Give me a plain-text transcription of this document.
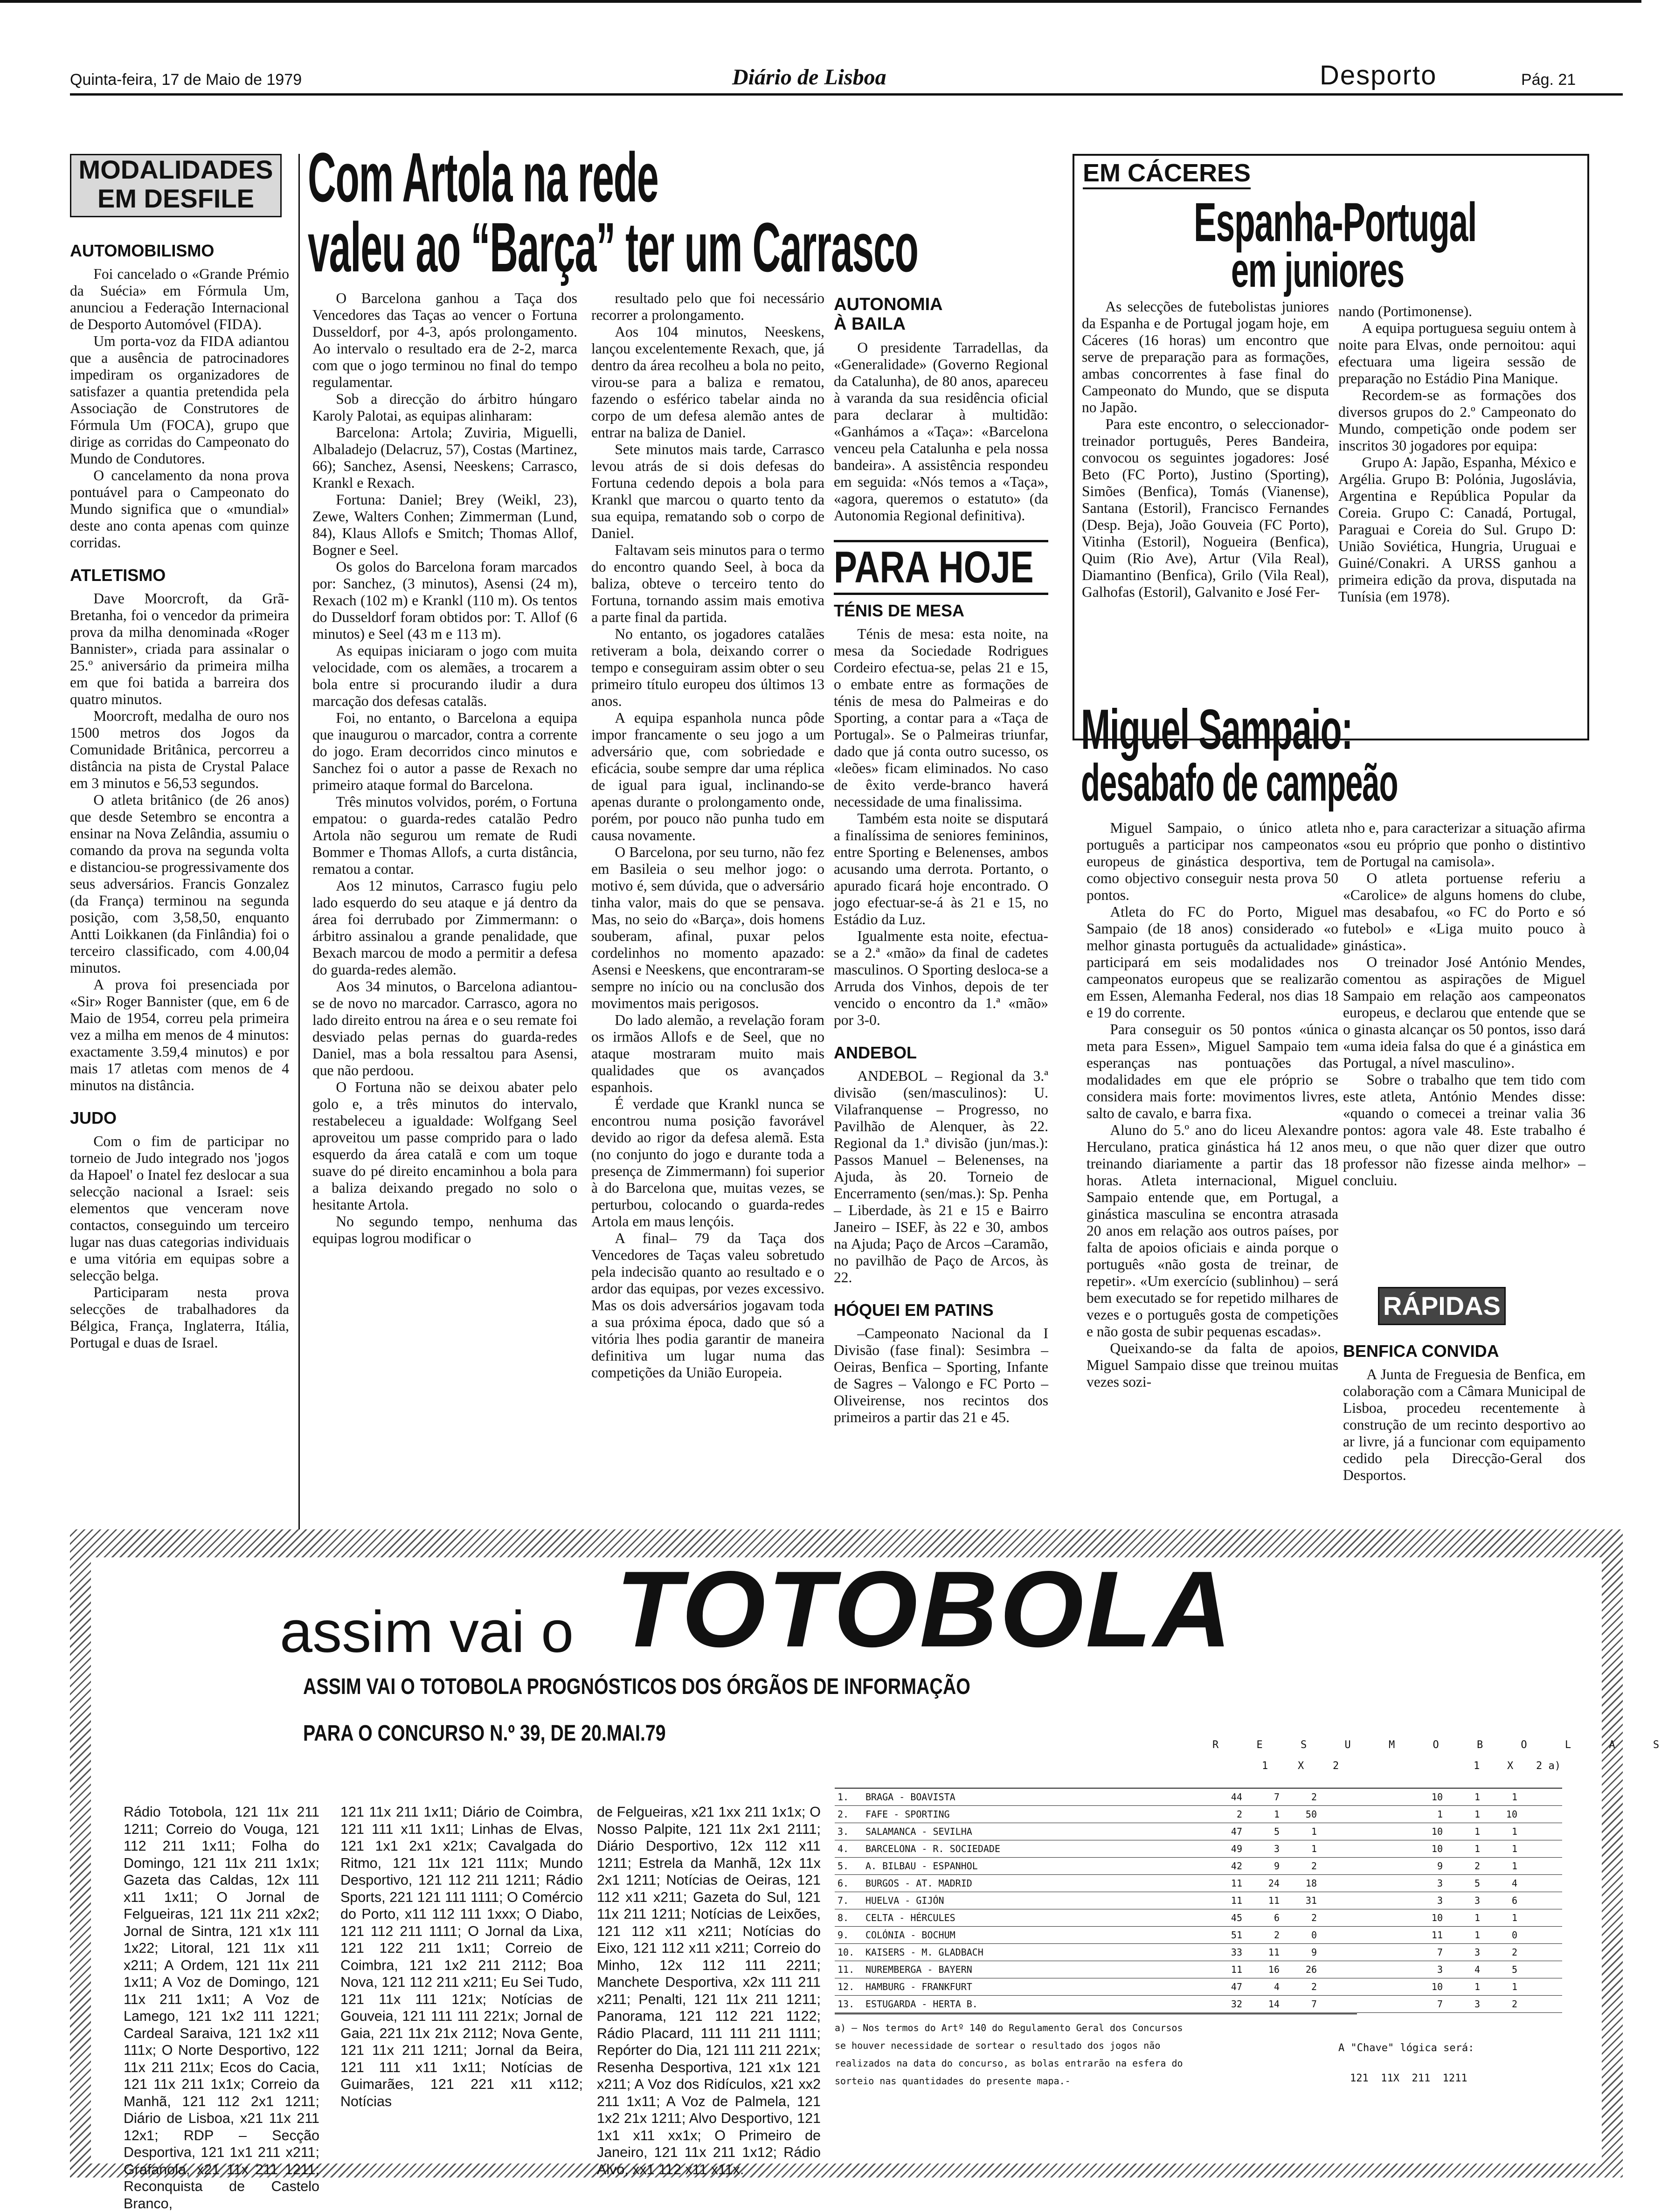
Quinta-feira, 17 de Maio de 1979	Diário de Lisboa	Desporto	Pág. 21
MODALIDADES
EM DESFILE
AUTOMOBILISMO

Foi cancelado o «Grande Prémio da Suécia» em Fórmula Um, anunciou a Federação Internacional de Desporto Automóvel (FIDA).

Um porta-voz da FIDA adiantou que a ausência de patrocinadores impediram os organizadores de satisfazer a quantia pretendida pela Associação de Construtores de Fórmula Um (FOCA), grupo que dirige as corridas do Campeonato do Mundo de Condutores.

O cancelamento da nona prova pontuável para o Campeonato do Mundo significa que o «mundial» deste ano conta apenas com quinze corridas.

ATLETISMO

Dave Moorcroft, da Grã-Bretanha, foi o vencedor da primeira prova da milha denominada «Roger Bannister», criada para assinalar o 25.º aniversário da primeira milha em que foi batida a barreira dos quatro minutos.

Moorcroft, medalha de ouro nos 1500 metros dos Jogos da Comunidade Britânica, percorreu a distância na pista de Crystal Palace em 3 minutos e 56,53 segundos.

O atleta britânico (de 26 anos) que desde Setembro se encontra a ensinar na Nova Zelândia, assumiu o comando da prova na segunda volta e distanciou-se progressivamente dos seus adversários. Francis Gonzalez (da França) terminou na segunda posição, com 3,58,50, enquanto Antti Loikkanen (da Finlândia) foi o terceiro classificado, com 4.00,04 minutos.

A prova foi presenciada por «Sir» Roger Bannister (que, em 6 de Maio de 1954, correu pela primeira vez a milha em menos de 4 minutos: exactamente 3.59,4 minutos) e por mais 17 atletas com menos de 4 minutos na distância.

JUDO

Com o fim de participar no torneio de Judo integrado nos 'jogos da Hapoel' o Inatel fez deslocar a sua selecção nacional a Israel: seis elementos que venceram nove contactos, conseguindo um terceiro lugar nas duas categorias individuais e uma vitória em equipas sobre a selecção belga.

Participaram nesta prova selecções de trabalhadores da Bélgica, França, Inglaterra, Itália, Portugal e duas de Israel.

Com Artola na rede
valeu ao “Barça” ter um Carrasco

O Barcelona ganhou a Taça dos Vencedores das Taças ao vencer o Fortuna Dusseldorf, por 4-3, após prolongamento. Ao intervalo o resultado era de 2-2, marca com que o jogo terminou no final do tempo regulamentar.

Sob a direcção do árbitro húngaro Karoly Palotai, as equipas alinharam:

Barcelona: Artola; Zuviria, Miguelli, Albaladejo (Delacruz, 57), Costas (Martinez, 66); Sanchez, Asensi, Neeskens; Carrasco, Krankl e Rexach.

Fortuna: Daniel; Brey (Weikl, 23), Zewe, Walters Conhen; Zimmerman (Lund, 84), Klaus Allofs e Smitch; Thomas Allof, Bogner e Seel.

Os golos do Barcelona foram marcados por: Sanchez, (3 minutos), Asensi (24 m), Rexach (102 m) e Krankl (110 m). Os tentos do Dusseldorf foram obtidos por: T. Allof (6 minutos) e Seel (43 m e 113 m).

As equipas iniciaram o jogo com muita velocidade, com os alemães, a trocarem a bola entre si procurando iludir a dura marcação dos defesas catalãs.

Foi, no entanto, o Barcelona a equipa que inaugurou o marcador, contra a corrente do jogo. Eram decorridos cinco minutos e Sanchez foi o autor a passe de Rexach no primeiro ataque formal do Barcelona.

Três minutos volvidos, porém, o Fortuna empatou: o guarda-redes catalão Pedro Artola não segurou um remate de Rudi Bommer e Thomas Allofs, a curta distância, rematou a contar.

Aos 12 minutos, Carrasco fugiu pelo lado esquerdo do seu ataque e já dentro da área foi derrubado por Zimmermann: o árbitro assinalou a grande penalidade, que Bexach marcou de modo a permitir a defesa do guarda-redes alemão.

Aos 34 minutos, o Barcelona adiantou-se de novo no marcador. Carrasco, agora no lado direito entrou na área e o seu remate foi desviado pelas pernas do guarda-redes Daniel, mas a bola ressaltou para Asensi, que não perdoou.

O Fortuna não se deixou abater pelo golo e, a três minutos do intervalo, restabeleceu a igualdade: Wolfgang Seel aproveitou um passe comprido para o lado esquerdo da área catalã e com um toque suave do pé direito encaminhou a bola para a baliza deixando pregado no solo o hesitante Artola.

No segundo tempo, nenhuma das equipas logrou modificar o

resultado pelo que foi necessário recorrer a prolongamento.

Aos 104 minutos, Neeskens, lançou excelentemente Rexach, que, já dentro da área recolheu a bola no peito, virou-se para a baliza e rematou, fazendo o esférico tabelar ainda no corpo de um defesa alemão antes de entrar na baliza de Daniel.

Sete minutos mais tarde, Carrasco levou atrás de si dois defesas do Fortuna cedendo depois a bola para Krankl que marcou o quarto tento da sua equipa, rematando sob o corpo de Daniel.

Faltavam seis minutos para o termo do encontro quando Seel, à boca da baliza, obteve o terceiro tento do Fortuna, tornando assim mais emotiva a parte final da partida.

No entanto, os jogadores catalães retiveram a bola, deixando correr o tempo e conseguiram assim obter o seu primeiro título europeu dos últimos 13 anos.

A equipa espanhola nunca pôde impor francamente o seu jogo a um adversário que, com sobriedade e eficácia, soube sempre dar uma réplica de igual para igual, inclinando-se apenas durante o prolongamento onde, porém, por pouco não punha tudo em causa novamente.

O Barcelona, por seu turno, não fez em Basileia o seu melhor jogo: o motivo é, sem dúvida, que o adversário tinha valor, mais do que se pensava. Mas, no seio do «Barça», dois homens souberam, afinal, puxar pelos cordelinhos no momento apazado: Asensi e Neeskens, que encontraram-se sempre no início ou na conclusão dos movimentos mais perigosos.

Do lado alemão, a revelação foram os irmãos Allofs e de Seel, que no ataque mostraram muito mais qualidades que os avançados espanhois.

É verdade que Krankl nunca se encontrou numa posição favorável devido ao rigor da defesa alemã. Esta (no conjunto do jogo e durante toda a presença de Zimmermann) foi superior à do Barcelona que, muitas vezes, se perturbou, colocando o guarda-redes Artola em maus lençóis.

A final– 79 da Taça dos Vencedores de Taças valeu sobretudo pela indecisão quanto ao resultado e o ardor das equipas, por vezes excessivo. Mas os dois adversários jogavam toda a sua próxima época, dado que só a vitória lhes podia garantir de maneira definitiva um lugar numa das competições da União Europeia.

AUTONOMIA
À BAILA

O presidente Tarradellas, da «Generalidade» (Governo Regional da Catalunha), de 80 anos, apareceu à varanda da sua residência oficial para declarar à multidão: «Ganhámos a «Taça»: «Barcelona venceu pela Catalunha e pela nossa bandeira». A assistência respondeu em seguida: «Nós temos a «Taça», «agora, queremos o estatuto» (da Autonomia Regional definitiva).

PARA HOJE
TÉNIS DE MESA

Ténis de mesa: esta noite, na mesa da Sociedade Rodrigues Cordeiro efectua-se, pelas 21 e 15, o embate entre as formações de ténis de mesa do Palmeiras e do Sporting, a contar para a «Taça de Portugal». Se o Palmeiras triunfar, dado que já conta outro sucesso, os «leões» ficam eliminados. No caso de êxito verde-branco haverá necessidade de uma finalissima.

Também esta noite se disputará a finalíssima de seniores femininos, entre Sporting e Belenenses, ambos acusando uma derrota. Portanto, o apurado ficará hoje encontrado. O jogo efectuar-se-á às 21 e 15, no Estádio da Luz.

Igualmente esta noite, efectua-se a 2.ª «mão» da final de cadetes masculinos. O Sporting desloca-se a Arruda dos Vinhos, depois de ter vencido o encontro da 1.ª «mão» por 3-0.

ANDEBOL

ANDEBOL – Regional da 3.ª divisão (sen/masculinos): U. Vilafranquense – Progresso, no Pavilhão de Alenquer, às 22. Regional da 1.ª divisão (jun/mas.): Passos Manuel – Belenenses, na Ajuda, às 20. Torneio de Encerramento (sen/mas.): Sp. Penha – Liberdade, às 21 e 15 e Bairro Janeiro – ISEF, às 22 e 30, ambos na Ajuda; Paço de Arcos –Caramão, no pavilhão de Paço de Arcos, às 22.

HÓQUEI EM PATINS

–Campeonato Nacional da I Divisão (fase final): Sesimbra –Oeiras, Benfica – Sporting, Infante de Sagres – Valongo e FC Porto – Oliveirense, nos recintos dos primeiros a partir das 21 e 45.

EM CÁCERES
Espanha-Portugal
em juniores

As selecções de futebolistas juniores da Espanha e de Portugal jogam hoje, em Cáceres (16 horas) um encontro que serve de preparação para as formações, ambas concorrentes à fase final do Campeonato do Mundo, que se disputa no Japão.

Para este encontro, o seleccionador-treinador português, Peres Bandeira, convocou os seguintes jogadores: José Beto (FC Porto), Justino (Sporting), Simões (Benfica), Tomás (Vianense), Santana (Estoril), Francisco Fernandes (Desp. Beja), João Gouveia (FC Porto), Vitinha (Estoril), Nogueira (Benfica), Quim (Rio Ave), Artur (Vila Real), Diamantino (Benfica), Grilo (Vila Real), Galhofas (Estoril), Galvanito e José Fer-

nando (Portimonense).

A equipa portuguesa seguiu ontem à noite para Elvas, onde pernoitou: aqui efectuara uma ligeira sessão de preparação no Estádio Pina Manique.

Recordem-se as formações dos diversos grupos do 2.º Campeonato do Mundo, competição onde podem ser inscritos 30 jogadores por equipa:

Grupo A: Japão, Espanha, México e Argélia. Grupo B: Polónia, Jugoslávia, Argentina e República Popular da Coreia. Grupo C: Canadá, Portugal, Paraguai e Coreia do Sul. Grupo D: União Soviética, Hungria, Uruguai e Guiné/Conakri. A URSS ganhou a primeira edição da prova, disputada na Tunísia (em 1978).

Miguel Sampaio:
desabafo de campeão

Miguel Sampaio, o único atleta português a participar nos campeonatos europeus de ginástica desportiva, tem como objectivo conseguir nesta prova 50 pontos.

Atleta do FC do Porto, Miguel Sampaio (de 18 anos) considerado «o melhor ginasta português da actualidade» participará em seis modalidades nos campeonatos europeus que se realizarão em Essen, Alemanha Federal, nos dias 18 e 19 do corrente.

Para conseguir os 50 pontos «única meta para Essen», Miguel Sampaio tem esperanças nas pontuações das modalidades em que ele próprio se considera mais forte: movimentos livres, salto de cavalo, e barra fixa.

Aluno do 5.º ano do liceu Alexandre Herculano, pratica ginástica há 12 anos treinando diariamente a partir das 18 horas. Atleta internacional, Miguel Sampaio entende que, em Portugal, a ginástica masculina se encontra atrasada 20 anos em relação aos outros países, por falta de apoios oficiais e ainda porque o português «não gosta de treinar, de repetir». «Um exercício (sublinhou) – será bem executado se for repetido milhares de vezes e o português gosta de competições e não gosta de subir pequenas escadas».

Queixando-se da falta de apoios, Miguel Sampaio disse que treinou muitas vezes sozi-

nho e, para caracterizar a situação afirma «sou eu próprio que ponho o distintivo de Portugal na camisola».

O atleta portuense referiu a «Carolice» de alguns homens do clube, mas desabafou, «o FC do Porto e só futebol» e «Liga muito pouco à ginástica».

O treinador José António Mendes, comentou as aspirações de Miguel Sampaio em relação aos campeonatos europeus, e declarou que entende que se o ginasta alcançar os 50 pontos, isso dará «uma ideia falsa do que é a ginástica em Portugal, a nível masculino».

Sobre o trabalho que tem tido com este atleta, António Mendes disse: «quando o comecei a treinar valia 36 pontos: agora vale 48. Este trabalho é meu, o que não quer dizer que outro professor não fizesse ainda melhor» – concluiu.

RÁPIDAS
BENFICA CONVIDA

A Junta de Freguesia de Benfica, em colaboração com a Câmara Municipal de Lisboa, procedeu recentemente à construção de um recinto desportivo ao ar livre, já a funcionar com equipamento cedido pela Direcção-Geral dos Desportos.

assim vai o TOTOBOLA
ASSIM VAI O TOTOBOLA PROGNÓSTICOS DOS ÓRGÃOS DE INFORMAÇÃO
PARA O CONCURSO N.º 39, DE 20.MAI.79
Rádio Totobola, 121 11x 211 1211; Correio do Vouga, 121 112 211 1x11; Folha do Domingo, 121 11x 211 1x1x; Gazeta das Caldas, 12x 111 x11 1x11; O Jornal de Felgueiras, 121 11x 211 x2x2; Jornal de Sintra, 121 x1x 111 1x22; Litoral, 121 11x x11 x211; A Ordem, 121 11x 211 1x11; A Voz de Domingo, 121 11x 211 1x11; A Voz de Lamego, 121 1x2 111 1221; Cardeal Saraiva, 121 1x2 x11 111x; O Norte Desportivo, 122 11x 211 211x; Ecos do Cacia, 121 11x 211 1x1x; Correio da Manhã, 121 112 2x1 1211; Diário de Lisboa, x21 11x 211 12x1; RDP – Secção Desportiva, 121 1x1 211 x211; Grafanola, x21 11x 211 1211; Reconquista de Castelo Branco,
121 11x 211 1x11; Diário de Coimbra, 121 111 x11 1x11; Linhas de Elvas, 121 1x1 2x1 x21x; Cavalgada do Ritmo, 121 11x 121 111x; Mundo Desportivo, 121 112 211 1211; Rádio Sports, 221 121 111 1111; O Comércio do Porto, x11 112 111 1xxx; O Diabo, 121 112 211 1111; O Jornal da Lixa, 121 122 211 1x11; Correio de Coimbra, 121 1x2 211 2112; Boa Nova, 121 112 211 x211; Eu Sei Tudo, 121 11x 111 121x; Notícias de Gouveia, 121 111 111 221x; Jornal de Gaia, 221 11x 21x 2112; Nova Gente, 121 11x 211 1211; Jornal da Beira, 121 111 x11 1x11; Notícias de Guimarães, 121 221 x11 x112; Notícias
de Felgueiras, x21 1xx 211 1x1x; O Nosso Palpite, 121 11x 2x1 2111; Diário Desportivo, 12x 112 x11 1211; Estrela da Manhã, 12x 11x 2x1 1211; Notícias de Oeiras, 121 112 x11 x211; Gazeta do Sul, 121 11x 211 1211; Notícias de Leixões, 121 112 x11 x211; Notícias do Eixo, 121 112 x11 x211; Correio do Minho, 12x 112 111 2211; Manchete Desportiva, x2x 111 211 x211; Penalti, 121 11x 211 1211; Panorama, 121 112 221 1122; Rádio Placard, 111 111 211 1111; Repórter do Dia, 121 111 211 221x; Resenha Desportiva, 121 x1x 121 x211; A Voz dos Ridículos, x21 xx2 211 1x11; A Voz de Palmela, 121 1x2 21x 1211; Alvo Desportivo, 121 1x1 x11 xx1x; O Primeiro de Janeiro, 121 11x 211 1x12; Rádio Alvo, xx1 112 x11 x11x.
R E S U M O B O L A S
1	X	2	1	X 2 a)
1.	BRAGA - BOAVISTA	44	7	2	10	1	1	
2.	FAFE - SPORTING	2	1	50	1	1	10	
3.	SALAMANCA - SEVILHA	47	5	1	10	1	1	
4.	BARCELONA - R. SOCIEDADE	49	3	1	10	1	1	
5.	A. BILBAU - ESPANHOL	42	9	2	9	2	1	
6.	BURGOS - AT. MADRID	11	24	18	3	5	4	
7.	HUELVA - GIJÓN	11	11	31	3	3	6	
8.	CELTA - HÉRCULES	45	6	2	10	1	1	
9.	COLÓNIA - BOCHUM	51	2	0	11	1	0	
10.	KAISERS - M. GLADBACH	33	11	9	7	3	2	
11.	NUREMBERGA - BAYERN	11	16	26	3	4	5	
12.	HAMBURG - FRANKFURT	47	4	2	10	1	1	
13.	ESTUGARDA - HERTA B.	32	14	7	7	3	2	
a) – Nos termos do Artº 140 do Regulamento Geral dos Concursos se houver necessidade de sortear o resultado dos jogos não realizados na data do concurso, as bolas entrarão na esfera do sorteio nas quantidades do presente mapa.-
A "Chave" lógica será:
121  11X  211  1211
